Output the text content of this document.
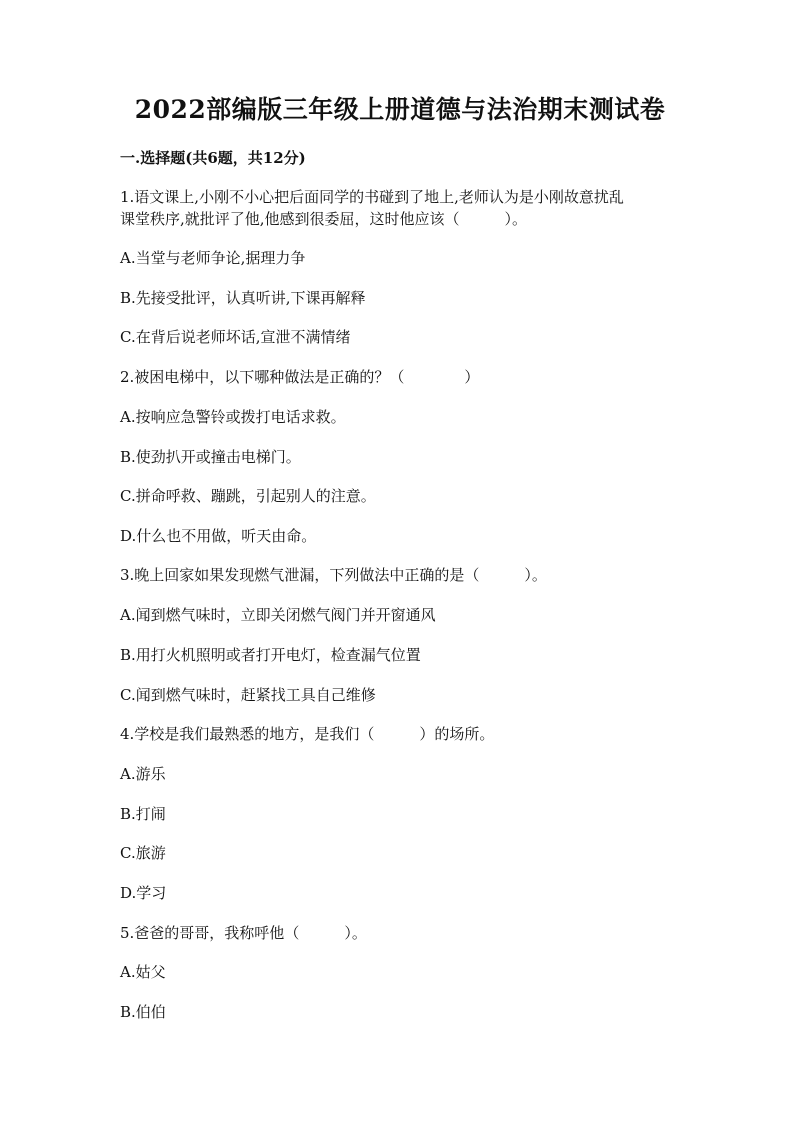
2022部编版三年级上册道德与法治期末测试卷
一.选择题(共6题，共12分)
1.语文课上,小刚不小心把后面同学的书碰到了地上,老师认为是小刚故意扰乱
课堂秩序,就批评了他,他感到很委屈，这时他应该（　　　）。
A.当堂与老师争论,据理力争
B.先接受批评，认真听讲,下课再解释
C.在背后说老师坏话,宣泄不满情绪
2.被困电梯中，以下哪种做法是正确的？（　　　　）
A.按响应急警铃或拨打电话求救。
B.使劲扒开或撞击电梯门。
C.拼命呼救、蹦跳，引起别人的注意。
D.什么也不用做，听天由命。
3.晚上回家如果发现燃气泄漏，下列做法中正确的是（　　　）。
A.闻到燃气味时，立即关闭燃气阀门并开窗通风
B.用打火机照明或者打开电灯，检查漏气位置
C.闻到燃气味时，赶紧找工具自己维修
4.学校是我们最熟悉的地方，是我们（　　　）的场所。
A.游乐
B.打闹
C.旅游
D.学习
5.爸爸的哥哥，我称呼他（　　　）。
A.姑父
B.伯伯
